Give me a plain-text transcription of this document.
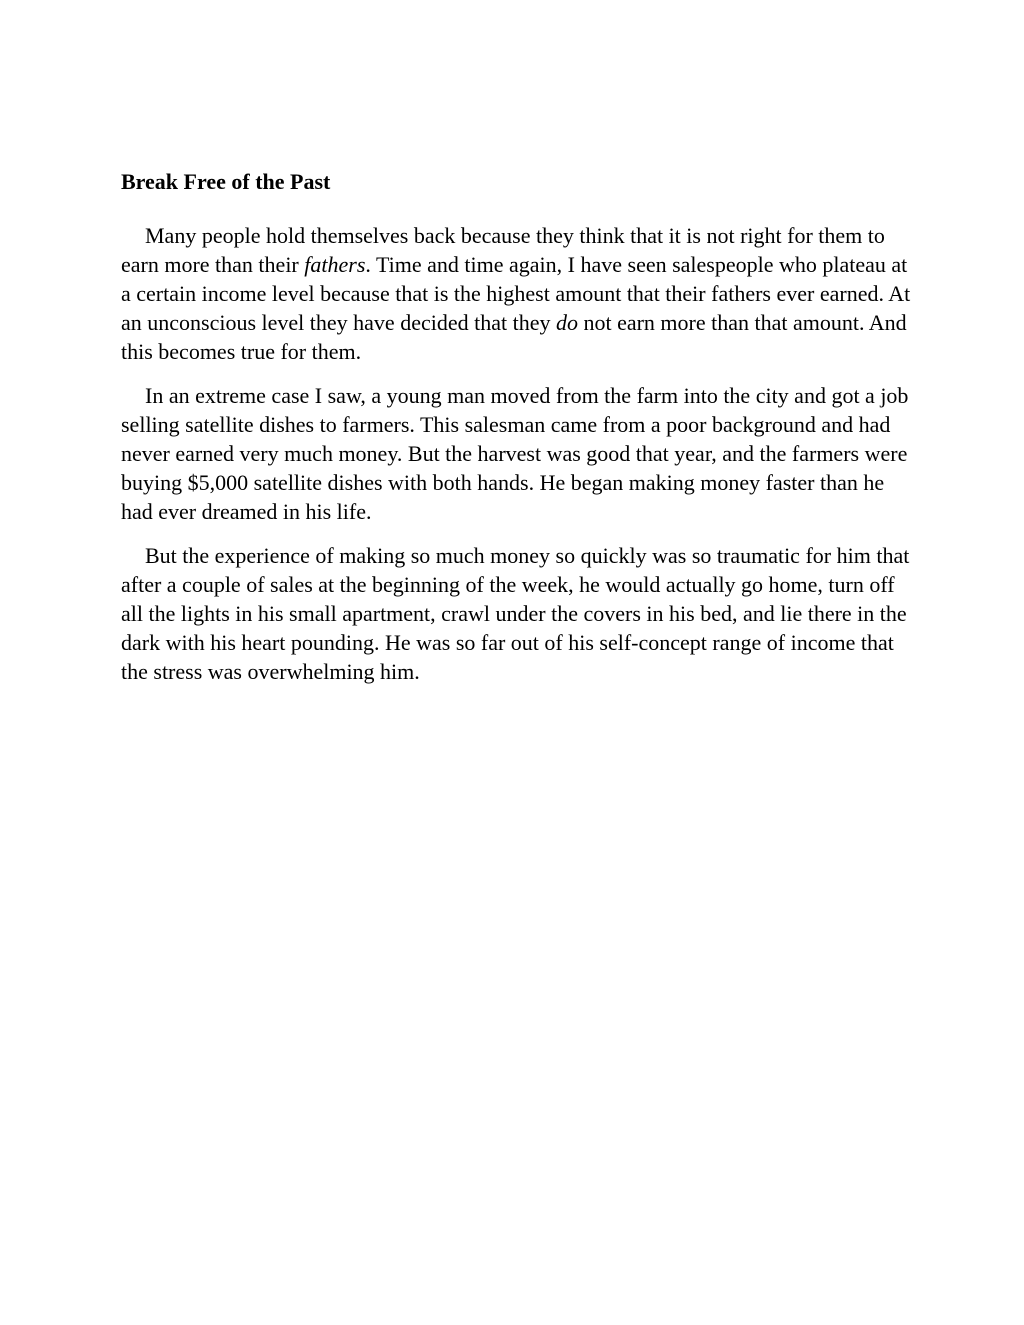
Break Free of the Past

Many people hold themselves back because they think that it is not right for them to earn more than their fathers. Time and time again, I have seen salespeople who plateau at a certain income level because that is the highest amount that their fathers ever earned. At an unconscious level they have decided that they do not earn more than that amount. And this becomes true for them.

In an extreme case I saw, a young man moved from the farm into the city and got a job selling satellite dishes to farmers. This salesman came from a poor background and had never earned very much money. But the harvest was good that year, and the farmers were buying $5,000 satellite dishes with both hands. He began making money faster than he had ever dreamed in his life.

But the experience of making so much money so quickly was so traumatic for him that after a couple of sales at the beginning of the week, he would actually go home, turn off all the lights in his small apartment, crawl under the covers in his bed, and lie there in the dark with his heart pounding. He was so far out of his self-concept range of income that the stress was overwhelming him.
